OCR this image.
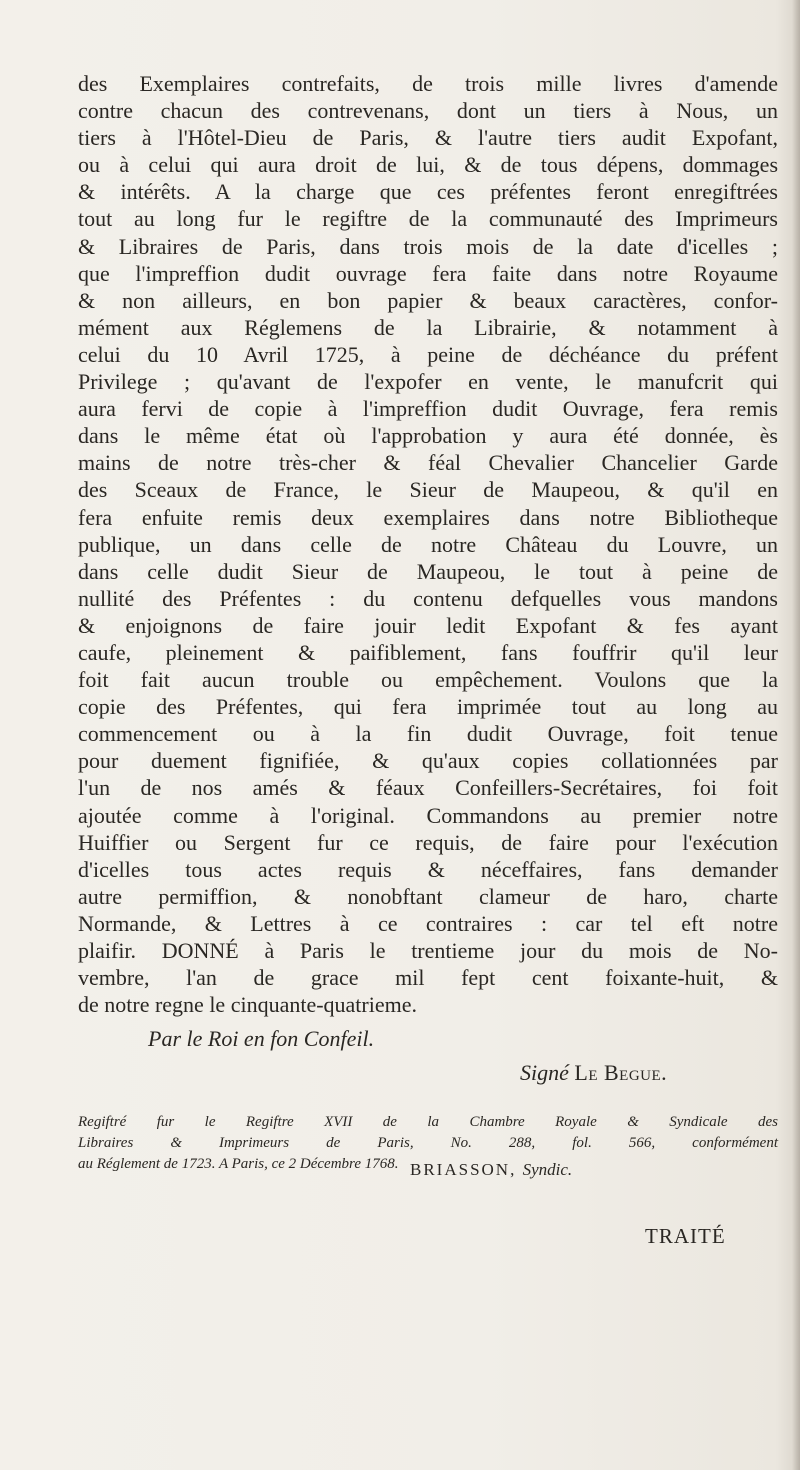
des Exemplaires contrefaits, de trois mille livres d'amende
contre chacun des contrevenans, dont un tiers à Nous, un
tiers à l'Hôtel-Dieu de Paris, & l'autre tiers audit Expofant,
ou à celui qui aura droit de lui, & de tous dépens, dommages
& intérêts. A la charge que ces préfentes feront enregiftrées
tout au long fur le regiftre de la communauté des Imprimeurs
& Libraires de Paris, dans trois mois de la date d'icelles ;
que l'impreffion dudit ouvrage fera faite dans notre Royaume
& non ailleurs, en bon papier & beaux caractères, confor-
mément aux Réglemens de la Librairie, & notamment à
celui du 10 Avril 1725, à peine de déchéance du préfent
Privilege ; qu'avant de l'expofer en vente, le manufcrit qui
aura fervi de copie à l'impreffion dudit Ouvrage, fera remis
dans le même état où l'approbation y aura été donnée, ès
mains de notre très-cher & féal Chevalier Chancelier Garde
des Sceaux de France, le Sieur de Maupeou, & qu'il en
fera enfuite remis deux exemplaires dans notre Bibliotheque
publique, un dans celle de notre Château du Louvre, un
dans celle dudit Sieur de Maupeou, le tout à peine de
nullité des Préfentes : du contenu defquelles vous mandons
& enjoignons de faire jouir ledit Expofant & fes ayant
caufe, pleinement & paifiblement, fans fouffrir qu'il leur
foit fait aucun trouble ou empêchement. Voulons que la
copie des Préfentes, qui fera imprimée tout au long au
commencement ou à la fin dudit Ouvrage, foit tenue
pour duement fignifiée, & qu'aux copies collationnées par
l'un de nos amés & féaux Confeillers-Secrétaires, foi foit
ajoutée comme à l'original. Commandons au premier notre
Huiffier ou Sergent fur ce requis, de faire pour l'exécution
d'icelles tous actes requis & néceffaires, fans demander
autre permiffion, & nonobftant clameur de haro, charte
Normande, & Lettres à ce contraires : car tel eft notre
plaifir. DONNÉ à Paris le trentieme jour du mois de No-
vembre, l'an de grace mil fept cent foixante-huit, &
de notre regne le cinquante-quatrieme.
Par le Roi en fon Confeil.
Signé Le Begue.
Regiftré fur le Regiftre XVII de la Chambre Royale & Syndicale des
Libraires & Imprimeurs de Paris, No. 288, fol. 566, conformément
au Réglement de 1723. A Paris, ce 2 Décembre 1768. BRIASSON, Syndic.
TRAITÉ
